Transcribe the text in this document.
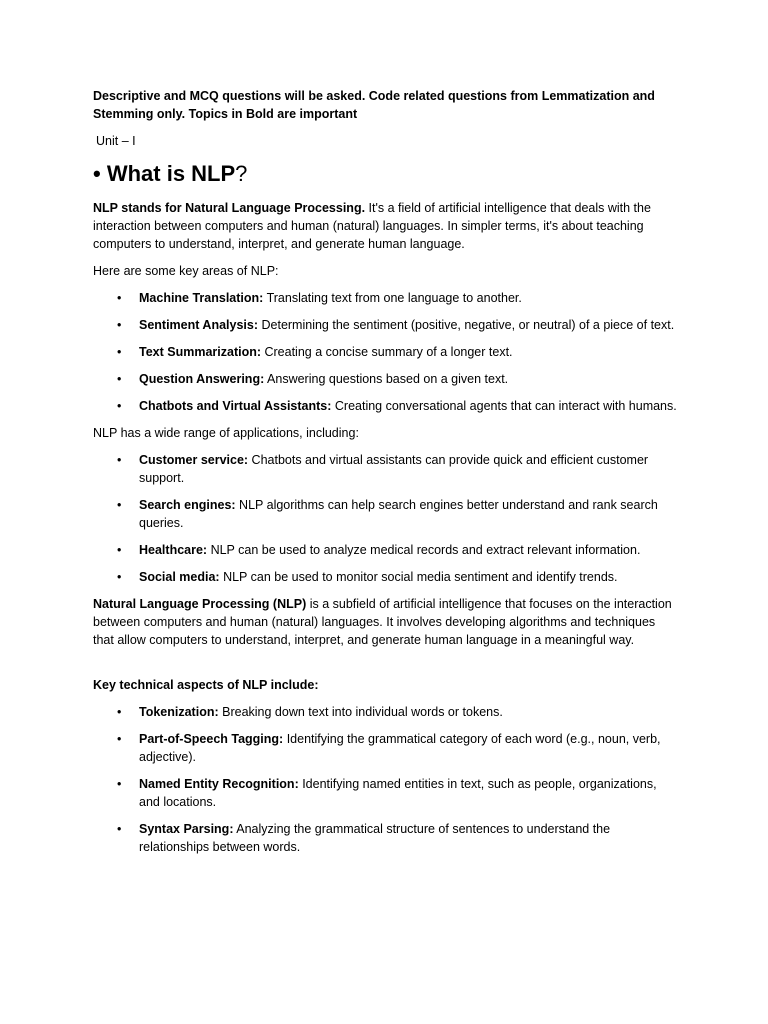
Descriptive and MCQ questions will be asked. Code related questions from Lemmatization and Stemming only. Topics in Bold are important

Unit – I

• What is NLP?

NLP stands for Natural Language Processing. It's a field of artificial intelligence that deals with the interaction between computers and human (natural) languages. In simpler terms, it's about teaching computers to understand, interpret, and generate human language.

Here are some key areas of NLP:

• Machine Translation: Translating text from one language to another.
• Sentiment Analysis: Determining the sentiment (positive, negative, or neutral) of a piece of text.
• Text Summarization: Creating a concise summary of a longer text.
• Question Answering: Answering questions based on a given text.
• Chatbots and Virtual Assistants: Creating conversational agents that can interact with humans.

NLP has a wide range of applications, including:

• Customer service: Chatbots and virtual assistants can provide quick and efficient customer support.
• Search engines: NLP algorithms can help search engines better understand and rank search queries.
• Healthcare: NLP can be used to analyze medical records and extract relevant information.
• Social media: NLP can be used to monitor social media sentiment and identify trends.

Natural Language Processing (NLP) is a subfield of artificial intelligence that focuses on the interaction between computers and human (natural) languages. It involves developing algorithms and techniques that allow computers to understand, interpret, and generate human language in a meaningful way.

Key technical aspects of NLP include:

• Tokenization: Breaking down text into individual words or tokens.
• Part-of-Speech Tagging: Identifying the grammatical category of each word (e.g., noun, verb, adjective).
• Named Entity Recognition: Identifying named entities in text, such as people, organizations, and locations.
• Syntax Parsing: Analyzing the grammatical structure of sentences to understand the relationships between words.
